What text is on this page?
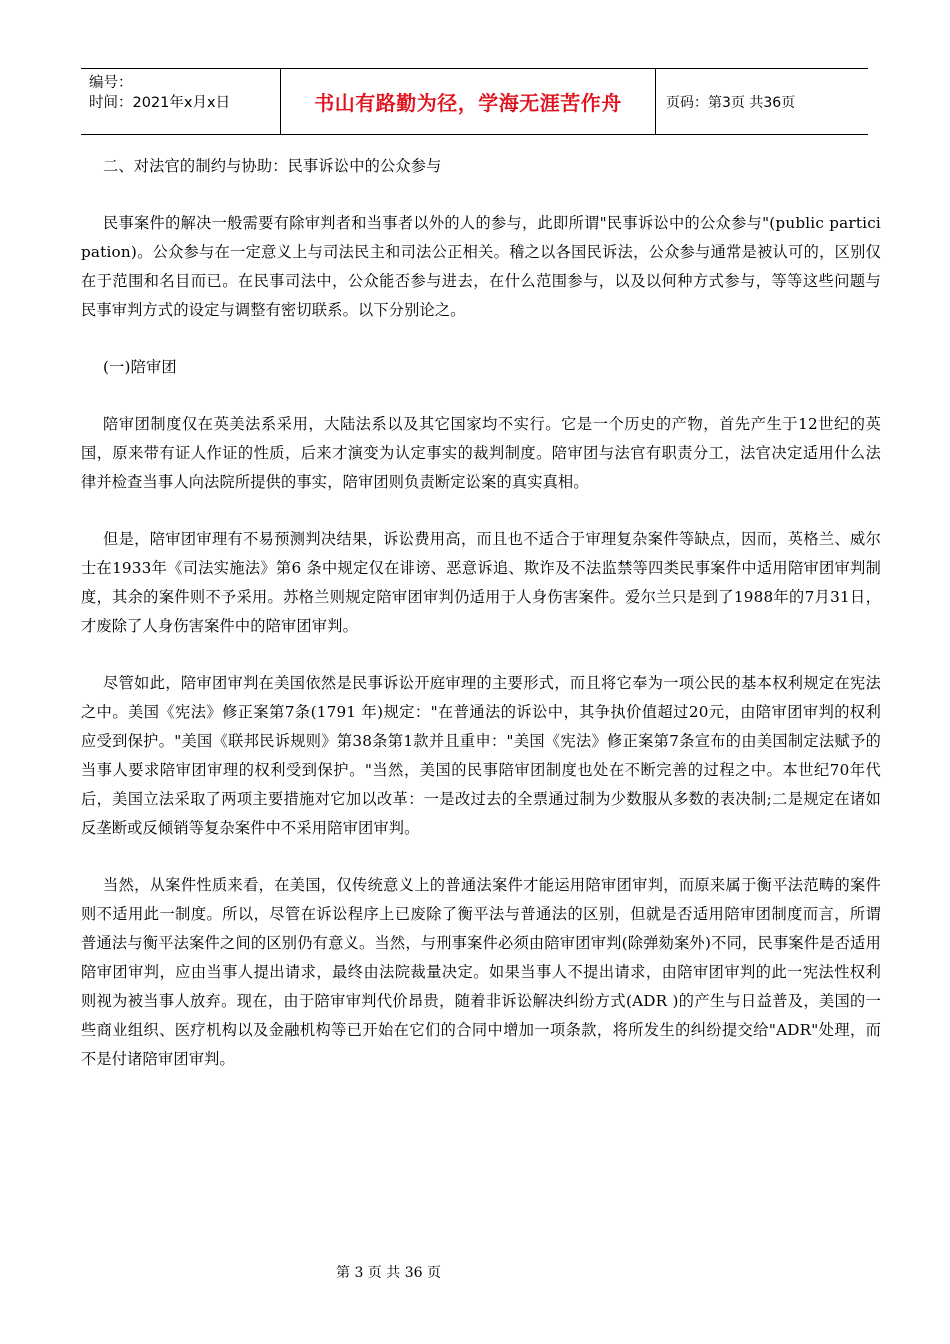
编号：
时间：2021年x月x日	书山有路勤为径，学海无涯苦作舟	页码：第3页 共36页

二、对法官的制约与协助：民事诉讼中的公众参与

民事案件的解决一般需要有除审判者和当事者以外的人的参与，此即所谓"民事诉讼中的公众参与"(public participation)。公众参与在一定意义上与司法民主和司法公正相关。稽之以各国民诉法，公众参与通常是被认可的，区别仅在于范围和名目而已。在民事司法中，公众能否参与进去，在什么范围参与，以及以何种方式参与，等等这些问题与民事审判方式的设定与调整有密切联系。以下分别论之。

(一)陪审团

陪审团制度仅在英美法系采用，大陆法系以及其它国家均不实行。它是一个历史的产物，首先产生于12世纪的英国，原来带有证人作证的性质，后来才演变为认定事实的裁判制度。陪审团与法官有职责分工，法官决定适用什么法律并检查当事人向法院所提供的事实，陪审团则负责断定讼案的真实真相。

但是，陪审团审理有不易预测判决结果，诉讼费用高，而且也不适合于审理复杂案件等缺点，因而，英格兰、威尔士在1933年《司法实施法》第6 条中规定仅在诽谤、恶意诉追、欺诈及不法监禁等四类民事案件中适用陪审团审判制度，其余的案件则不予采用。苏格兰则规定陪审团审判仍适用于人身伤害案件。爱尔兰只是到了1988年的7月31日，才废除了人身伤害案件中的陪审团审判。

尽管如此，陪审团审判在美国依然是民事诉讼开庭审理的主要形式，而且将它奉为一项公民的基本权利规定在宪法之中。美国《宪法》修正案第7条(1791 年)规定："在普通法的诉讼中，其争执价值超过20元，由陪审团审判的权利应受到保护。"美国《联邦民诉规则》第38条第1款并且重申："美国《宪法》修正案第7条宣布的由美国制定法赋予的当事人要求陪审团审理的权利受到保护。"当然，美国的民事陪审团制度也处在不断完善的过程之中。本世纪70年代后，美国立法采取了两项主要措施对它加以改革：一是改过去的全票通过制为少数服从多数的表决制;二是规定在诸如反垄断或反倾销等复杂案件中不采用陪审团审判。

当然，从案件性质来看，在美国，仅传统意义上的普通法案件才能运用陪审团审判，而原来属于衡平法范畴的案件则不适用此一制度。所以，尽管在诉讼程序上已废除了衡平法与普通法的区别，但就是否适用陪审团制度而言，所谓普通法与衡平法案件之间的区别仍有意义。当然，与刑事案件必须由陪审团审判(除弹劾案外)不同，民事案件是否适用陪审团审判，应由当事人提出请求，最终由法院裁量决定。如果当事人不提出请求，由陪审团审判的此一宪法性权利则视为被当事人放弃。现在，由于陪审审判代价昂贵，随着非诉讼解决纠纷方式(ADR )的产生与日益普及，美国的一些商业组织、医疗机构以及金融机构等已开始在它们的合同中增加一项条款，将所发生的纠纷提交给"ADR"处理，而不是付诸陪审团审判。

第 3 页 共 36 页
